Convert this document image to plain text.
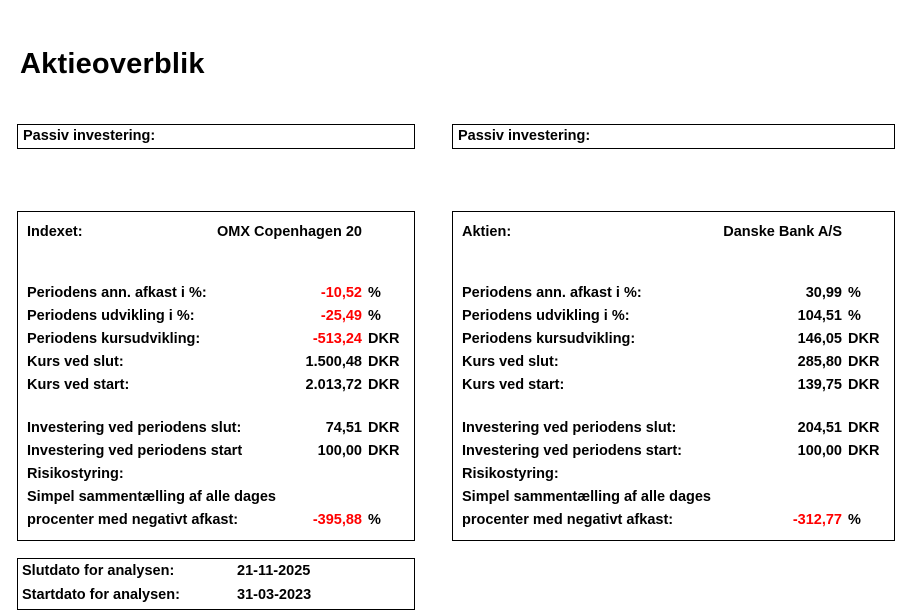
Aktieoverblik
Passiv investering:	Passiv investering:
Indexet:	OMX Copenhagen 20
Periodens ann. afkast i %:	-10,52 %
Periodens udvikling i %:	-25,49 %
Periodens kursudvikling:	-513,24 DKR
Kurs ved slut:	1.500,48 DKR
Kurs ved start:	2.013,72 DKR
Investering ved periodens slut:	74,51 DKR
Investering ved periodens start	100,00 DKR
Risikostyring:
Simpel sammentælling af alle dages
procenter med negativt afkast:	-395,88 %
Aktien:	Danske Bank A/S
Periodens ann. afkast i %:	30,99 %
Periodens udvikling i %:	104,51 %
Periodens kursudvikling:	146,05 DKR
Kurs ved slut:	285,80 DKR
Kurs ved start:	139,75 DKR
Investering ved periodens slut:	204,51 DKR
Investering ved periodens start:	100,00 DKR
Risikostyring:
Simpel sammentælling af alle dages
procenter med negativt afkast:	-312,77 %
Slutdato for analysen:	21-11-2025
Startdato for analysen:	31-03-2023
